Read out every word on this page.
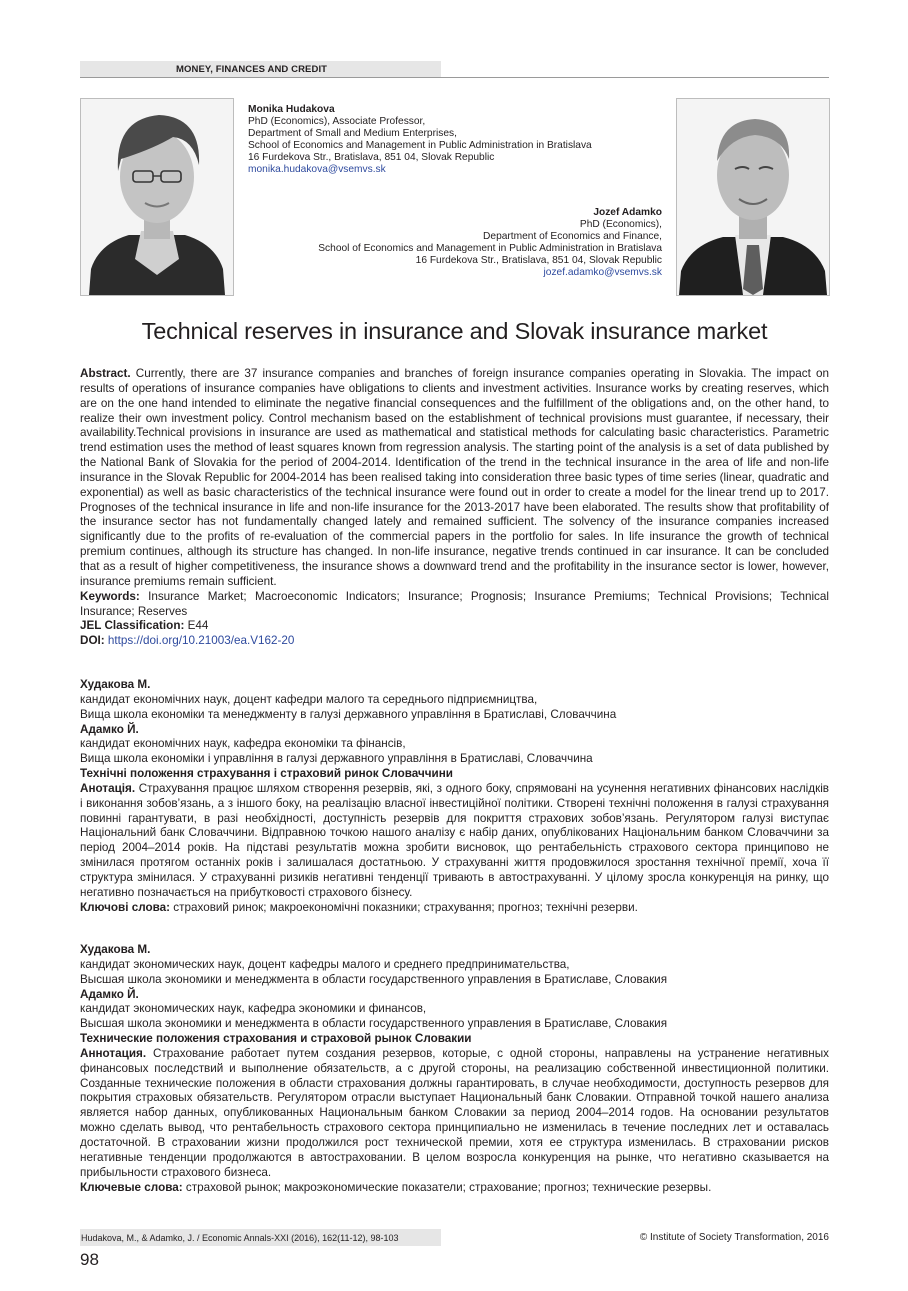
MONEY, FINANCES AND CREDIT
Monika Hudakova
PhD (Economics), Associate Professor,
Department of Small and Medium Enterprises,
School of Economics and Management in Public Administration in Bratislava
16 Furdekova Str., Bratislava, 851 04, Slovak Republic
monika.hudakova@vsemvs.sk
Jozef Adamko
PhD (Economics),
Department of Economics and Finance,
School of Economics and Management in Public Administration in Bratislava
16 Furdekova Str., Bratislava, 851 04, Slovak Republic
jozef.adamko@vsemvs.sk
Technical reserves in insurance and Slovak insurance market
Abstract. Currently, there are 37 insurance companies and branches of foreign insurance companies operating in Slovakia. The impact on results of operations of insurance companies have obligations to clients and investment activities. Insurance works by creating reserves, which are on the one hand intended to eliminate the negative financial consequences and the fulfillment of the obligations and, on the other hand, to realize their own investment policy. Control mechanism based on the establishment of technical provisions must guarantee, if necessary, their availability.Technical provisions in insurance are used as mathematical and statistical methods for calculating basic characteristics. Parametric trend estimation uses the method of least squares known from regression analysis. The starting point of the analysis is a set of data published by the National Bank of Slovakia for the period of 2004-2014. Identification of the trend in the technical insurance in the area of life and non-life insurance in the Slovak Republic for 2004-2014 has been realised taking into consideration three basic types of time series (linear, quadratic and exponential) as well as basic characteristics of the technical insurance were found out in order to create a model for the linear trend up to 2017. Prognoses of the technical insurance in life and non-life insurance for the 2013-2017 have been elaborated. The results show that profitability of the insurance sector has not fundamentally changed lately and remained sufficient. The solvency of the insurance companies increased significantly due to the profits of re-evaluation of the commercial papers in the portfolio for sales. In life insurance the growth of technical premium continues, although its structure has changed. In non-life insurance, negative trends continued in car insurance. It can be concluded that as a result of higher competitiveness, the insurance shows a downward trend and the profitability in the insurance sector is lower, however, insurance premiums remain sufficient.
Keywords: Insurance Market; Macroeconomic Indicators; Insurance; Prognosis; Insurance Premiums; Technical Provisions; Technical Insurance; Reserves
JEL Classification: E44
DOI: https://doi.org/10.21003/ea.V162-20
Худакова М.
кандидат економічних наук, доцент кафедри малого та середнього підприємництва,
Вища школа економіки та менеджменту в галузі державного управління в Братиславі, Словаччина
Адамко Й.
кандидат економічних наук, кафедра економіки та фінансів,
Вища школа економіки і управління в галузі державного управління в Братиславі, Словаччина
Технічні положення страхування і страховий ринок Словаччини
Анотація. Страхування працює шляхом створення резервів, які, з одного боку, спрямовані на усунення негативних фінансових наслідків і виконання зобов’язань, а з іншого боку, на реалізацію власної інвестиційної політики. Створені технічні положення в галузі страхування повинні гарантувати, в разі необхідності, доступність резервів для покриття страхових зобов’язань. Регулятором галузі виступає Національний банк Словаччини. Відправною точкою нашого аналізу є набір даних, опублікованих Національним банком Словаччини за період 2004–2014 років. На підставі результатів можна зробити висновок, що рентабельність страхового сектора принципово не змінилася протягом останніх років і залишалася достатньою. У страхуванні життя продовжилося зростання технічної премії, хоча її структура змінилася. У страхуванні ризиків негативні тенденції тривають в автострахуванні. У цілому зросла конкуренція на ринку, що негативно позначається на прибутковості страхового бізнесу.
Ключові слова: страховий ринок; макроекономічні показники; страхування; прогноз; технічні резерви.
Худакова М.
кандидат экономических наук, доцент кафедры малого и среднего предпринимательства,
Высшая школа экономики и менеджмента в области государственного управления в Братиславе, Словакия
Адамко Й.
кандидат экономических наук, кафедра экономики и финансов,
Высшая школа экономики и менеджмента в области государственного управления в Братиславе, Словакия
Технические положения страхования и страховой рынок Словакии
Аннотация. Страхование работает путем создания резервов, которые, с одной стороны, направлены на устранение негативных финансовых последствий и выполнение обязательств, а с другой стороны, на реализацию собственной инвестиционной политики. Созданные технические положения в области страхования должны гарантировать, в случае необходимости, доступность резервов для покрытия страховых обязательств. Регулятором отрасли выступает Национальный банк Словакии. Отправной точкой нашего анализа является набор данных, опубликованных Национальным банком Словакии за период 2004–2014 годов. На основании результатов можно сделать вывод, что рентабельность страхового сектора принципиально не изменилась в течение последних лет и оставалась достаточной. В страховании жизни продолжился рост технической премии, хотя ее структура изменилась. В страховании рисков негативные тенденции продолжаются в автостраховании. В целом возросла конкуренция на рынке, что негативно сказывается на прибыльности страхового бизнеса.
Ключевые слова: страховой рынок; макроэкономические показатели; страхование; прогноз; технические резервы.
Hudakova, M., & Adamko, J. / Economic Annals-XXI (2016), 162(11-12), 98-103	© Institute of Society Transformation, 2016
98
